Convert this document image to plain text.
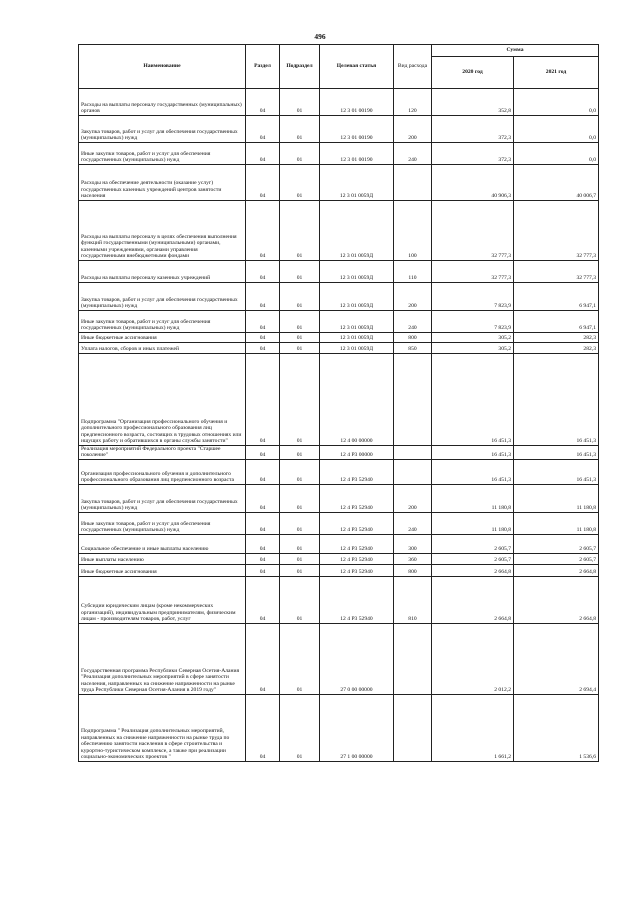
496
Наименование	Раздел	Подраздел	Целевая статья	Вид расхода	Сумма	
					2020 год	2021 год

Расходы на выплаты персоналу государственных (муниципальных) органов	04	01	12 3 01 00190	120	352,8	0,0

Закупка товаров, работ и услуг для обеспечения государственных (муниципальных) нужд	04	01	12 3 01 00190	200	372,3	0,0

Иные закупки товаров, работ и услуг для обеспечения государственных (муниципальных) нужд	04	01	12 3 01 00190	240	372,3	0,0

Расходы на обеспечение деятельности (оказание услуг) государственных казенных учреждений центров занятости населения	04	01	12 3 01 0059Д		40 906,3	40 006,7

Расходы на выплаты персоналу в целях обеспечения выполнения функций государственными (муниципальными) органами, казенными учреждениями, органами управления государственными внебюджетными фондами	04	01	12 3 01 0059Д	100	32 777,3	32 777,3

Расходы на выплаты персоналу казенных учреждений	04	01	12 3 01 0059Д	110	32 777,3	32 777,3

Закупка товаров, работ и услуг для обеспечения государственных (муниципальных) нужд	04	01	12 3 01 0059Д	200	7 823,9	6 947,1

Иные закупки товаров, работ и услуг для обеспечения государственных (муниципальных) нужд	04	01	12 3 01 0059Д	240	7 823,9	6 947,1

Иные бюджетные ассигнования	04	01	12 3 01 0059Д	800	305,2	282,3

Уплата налогов, сборов и иных платежей	04	01	12 3 01 0059Д	850	305,2	282,3

Подпрограмма "Организация профессионального обучения и дополнительного профессионального образования лиц предпенсионного возраста, состоящих в трудовых отношениях или ищущих работу и обратившихся в органы службы занятости"	04	01	12 4 00 00000		16 451,3	16 451,3

Реализация мероприятий Федерального проекта "Старшее поколение"	04	01	12 4 P3 00000		16 451,3	16 451,3

Организация профессионального обучения и дополнительного профессионального образования лиц предпенсионного возраста	04	01	12 4 P3 52940		16 451,3	16 451,3

Закупка товаров, работ и услуг для обеспечения государственных (муниципальных) нужд	04	01	12 4 P3 52940	200	11 180,8	11 180,8

Иные закупки товаров, работ и услуг для обеспечения государственных (муниципальных) нужд	04	01	12 4 P3 52940	240	11 180,8	11 180,8

Социальное обеспечение и иные выплаты населению	04	01	12 4 P3 52940	300	2 605,7	2 605,7

Иные выплаты населению	04	01	12 4 P3 52940	360	2 605,7	2 605,7

Иные бюджетные ассигнования	04	01	12 4 P3 52940	800	2 664,8	2 664,8

Субсидии юридическим лицам (кроме некоммерческих организаций), индивидуальным предпринимателям, физическим лицам - производителям товаров, работ, услуг	04	01	12 4 P3 52940	810	2 664,8	2 664,8

Государственная программа Республики Северная Осетия-Алания "Реализация дополнительных мероприятий в сфере занятости населения, направленных на снижение напряженности на рынке труда Республики Северная Осетия-Алания в 2019 году"	04	01	27 0 00 00000		2 012,2	2 694,4

Подпрограмма " Реализация дополнительных мероприятий, направленных на снижение напряженности на рынке труда по обеспечению занятости населения в сфере строительства и курортно-туристическом комплексе, а также при реализации социально-экономических проектов "	04	01	27 1 00 00000		1 661,2	1 536,6
